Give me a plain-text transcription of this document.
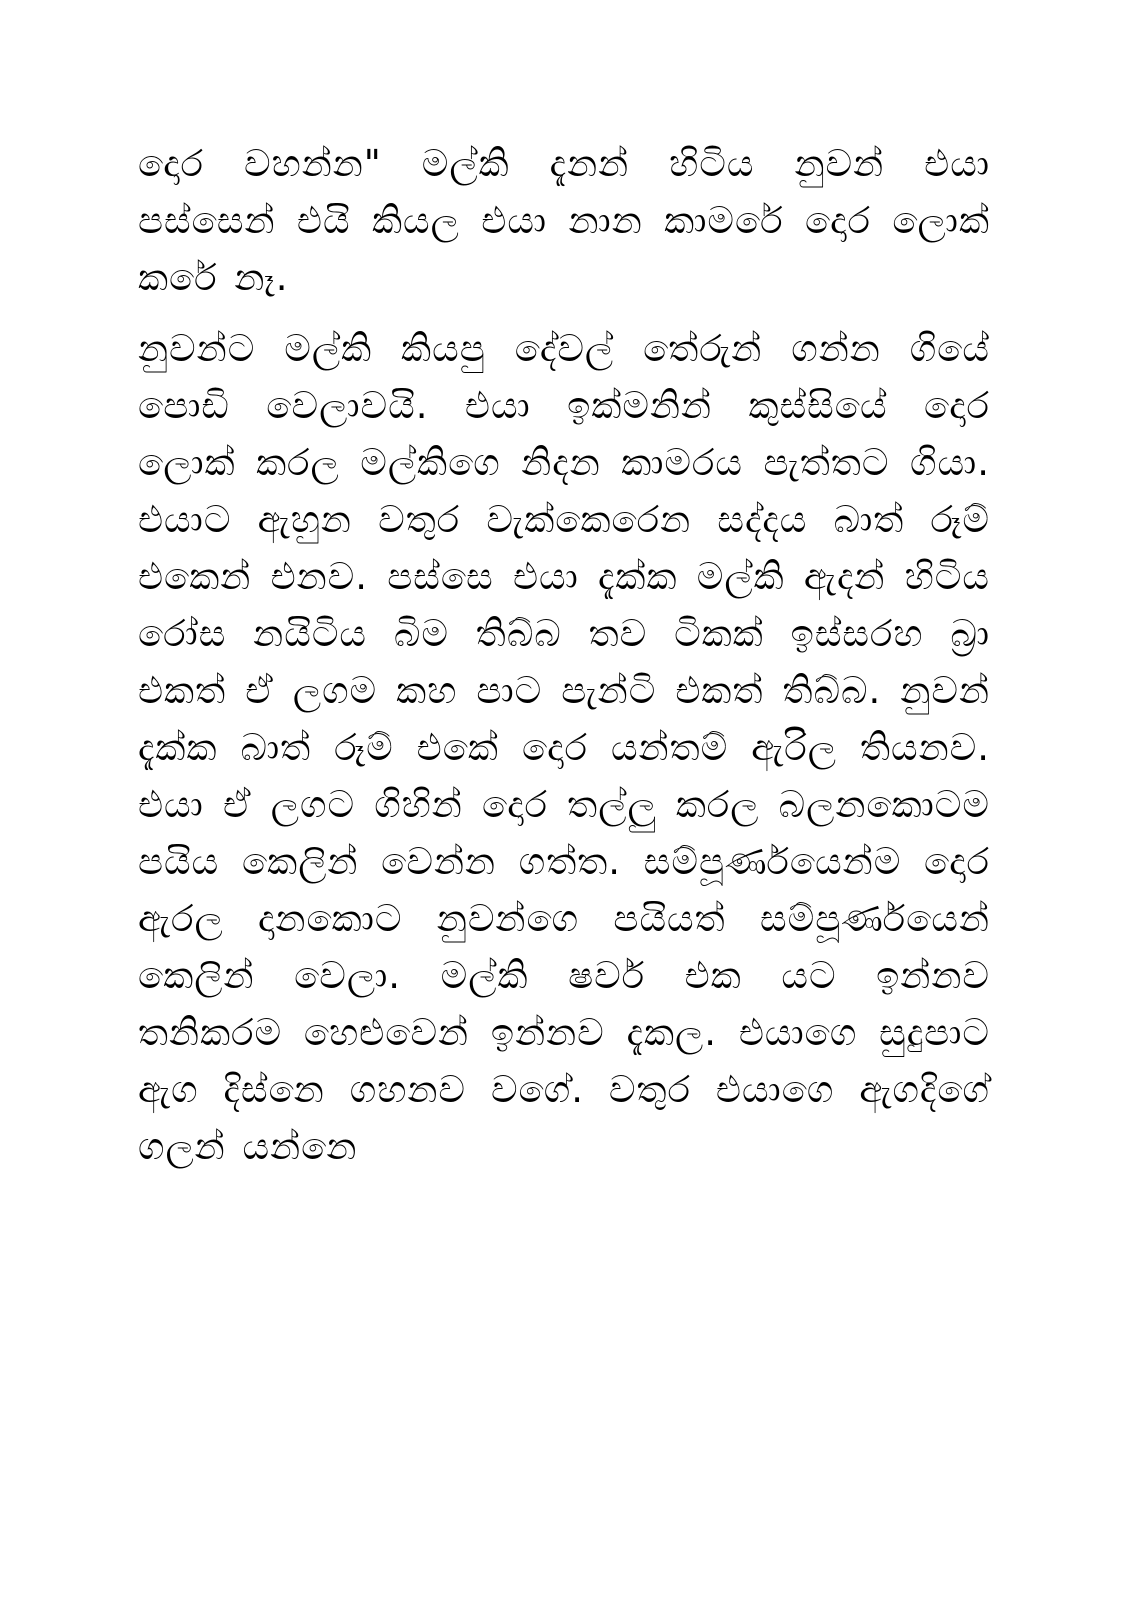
දොර වහන්න" මල්කි දැනන් හිටිය නුවන් එයා පස්සෙන් එයි කියල එයා නාන කාමරේ දොර ලොක් කරේ නෑ.

නුවන්ට මල්කි කියපු දේවල් තේරුන් ගන්න ගියේ පොඩි වෙලාවයි. එයා ඉක්මනින් කුස්සියේ දොර ලොක් කරල මල්කිගෙ නිදන කාමරය පැත්තට ගියා. එයාට ඇහුන වතුර වැක්කෙරෙන සද්දය බාත් රූම් එකෙන් එනව. පස්සෙ එයා දැක්ක මල්කි ඇදන් හිටිය රෝස නයිටිය බිම තිබ්බ තව ටිකක් ඉස්සරහ බ්‍රා එකත් ඒ ලගම කහ පාට පැන්ටි එකත් තිබ්බ. නුවන් දැක්ක බාත් රූම් එකේ දොර යන්තම් ඇරිල තියනව. එයා ඒ ලගට ගිහින් දොර තල්ලු කරල බලනකොටම පයිය කෙලින් වෙන්න ගත්ත. සම්පූර්ණයෙන්ම දොර ඇරල දානකොට නුවන්ගෙ පයියත් සම්පූර්ණයෙන් කෙලින් වෙලා. මල්කි ෂවර් එක යට ඉන්නව තනිකරම හෙළුවෙන් ඉන්නව දැකල. එයාගෙ සුදුපාට ඇග දිස්නෙ ගහනව වගේ. වතුර එයාගෙ ඇගදිගේ ගලන් යන්නෙ
